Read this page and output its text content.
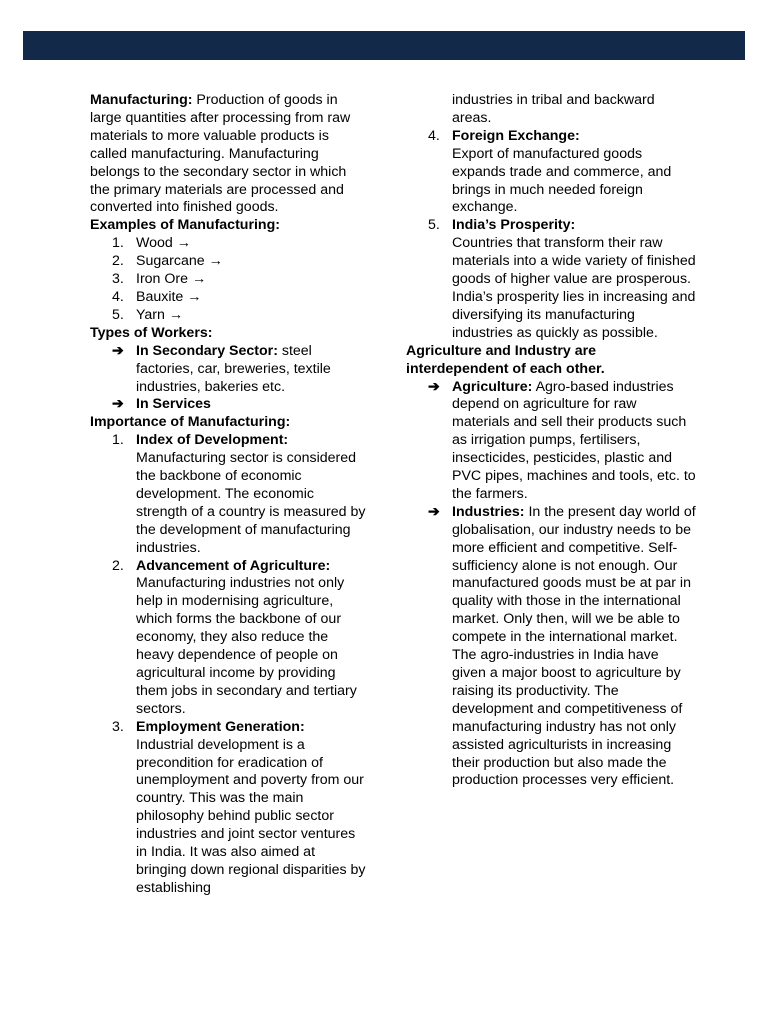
Manufacturing: Production of goods in large quantities after processing from raw materials to more valuable products is called manufacturing. Manufacturing belongs to the secondary sector in which the primary materials are processed and converted into finished goods.

Examples of Manufacturing:

1. Wood →
2. Sugarcane →
3. Iron Ore →
4. Bauxite →
5. Yarn →

Types of Workers:

➔ In Secondary Sector: steel factories, car, breweries, textile industries, bakeries etc.
➔ In Services

Importance of Manufacturing:

1. Index of Development:
Manufacturing sector is considered the backbone of economic development. The economic strength of a country is measured by the development of manufacturing industries.
2. Advancement of Agriculture:
Manufacturing industries not only help in modernising agriculture, which forms the backbone of our economy, they also reduce the heavy dependence of people on agricultural income by providing them jobs in secondary and tertiary sectors.
3. Employment Generation:
Industrial development is a precondition for eradication of unemployment and poverty from our country. This was the main philosophy behind public sector industries and joint sector ventures in India. It was also aimed at bringing down regional disparities by establishing
industries in tribal and backward areas.
4. Foreign Exchange:
Export of manufactured goods expands trade and commerce, and brings in much needed foreign exchange.
5. India’s Prosperity:
Countries that transform their raw materials into a wide variety of finished goods of higher value are prosperous. India’s prosperity lies in increasing and diversifying its manufacturing industries as quickly as possible.

Agriculture and Industry are interdependent of each other.

➔ Agriculture: Agro-based industries depend on agriculture for raw materials and sell their products such as irrigation pumps, fertilisers, insecticides, pesticides, plastic and PVC pipes, machines and tools, etc. to the farmers.
➔ Industries: In the present day world of globalisation, our industry needs to be more efficient and competitive. Self-sufficiency alone is not enough. Our manufactured goods must be at par in quality with those in the international market. Only then, will we be able to compete in the international market. The agro-industries in India have given a major boost to agriculture by raising its productivity. The development and competitiveness of manufacturing industry has not only assisted agriculturists in increasing their production but also made the production processes very efficient.
